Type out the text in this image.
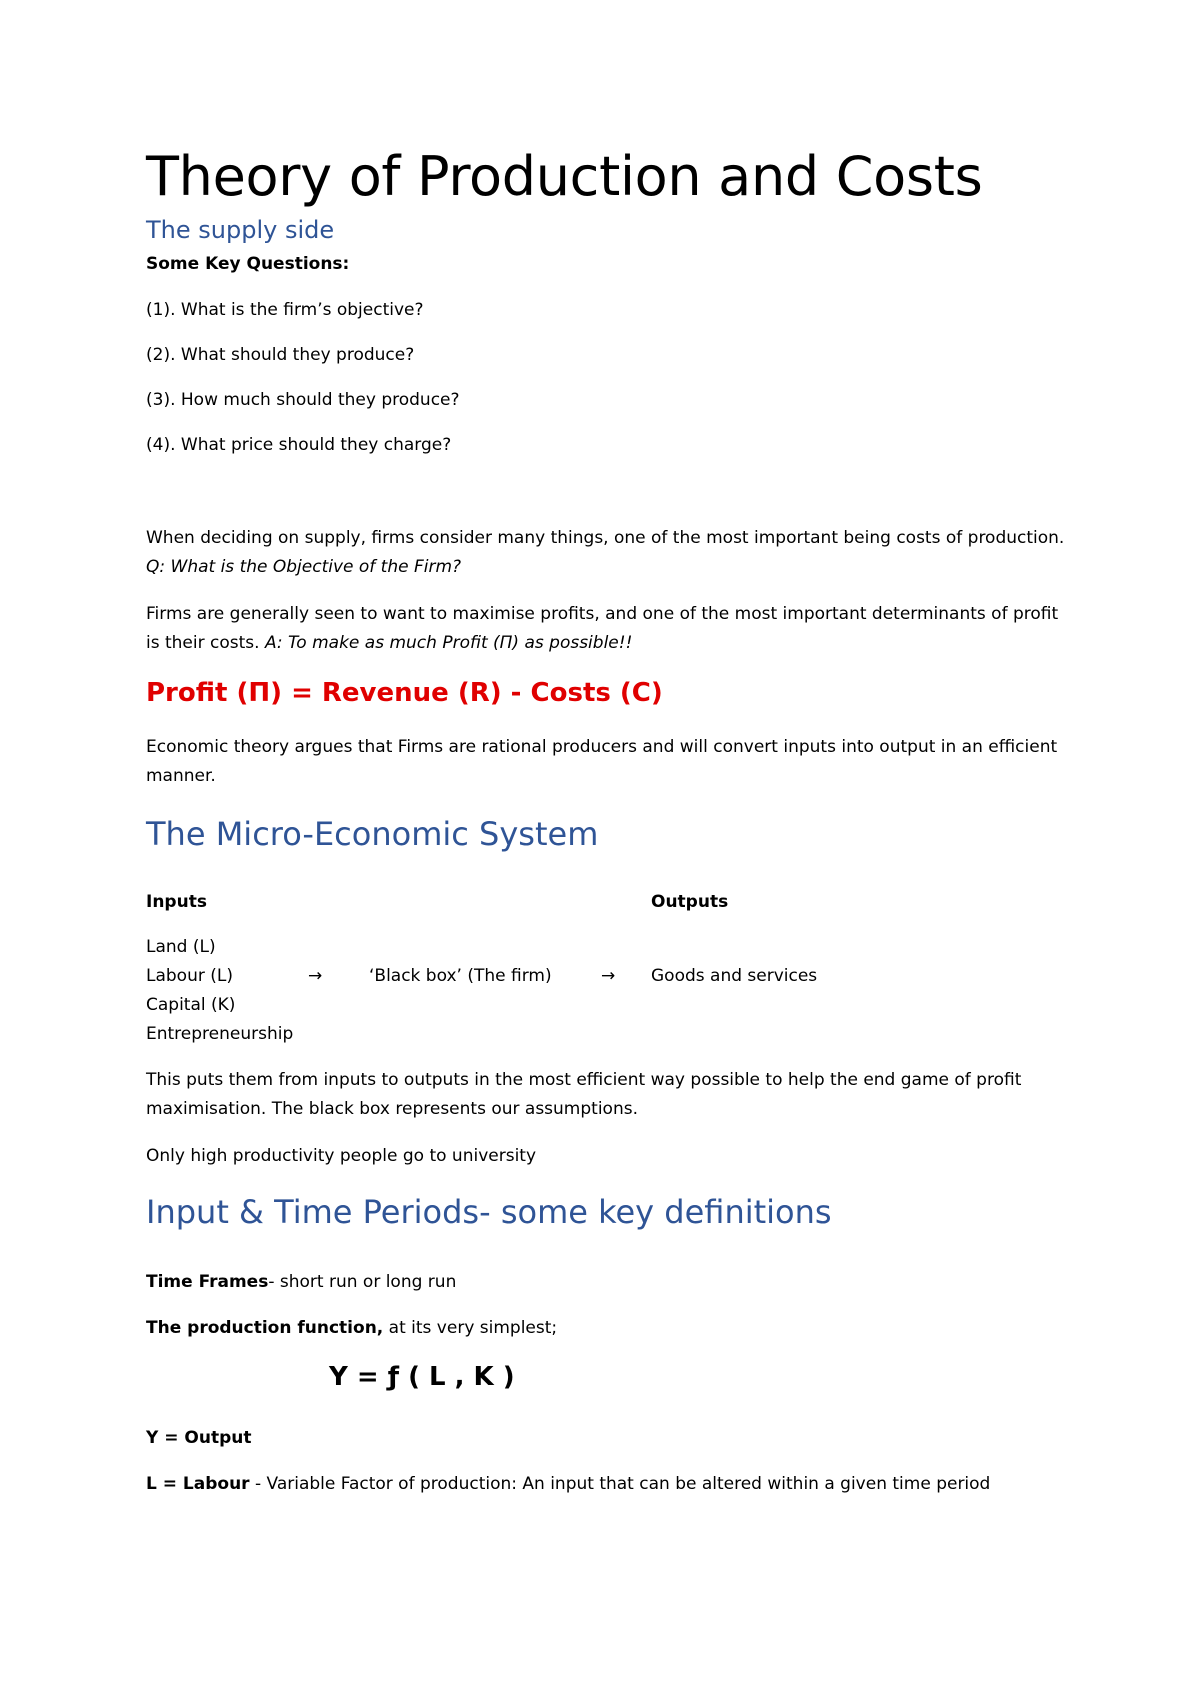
Theory of Production and Costs
The supply side
Some Key Questions:
(1). What is the firm’s objective?
(2). What should they produce?
(3). How much should they produce?
(4). What price should they charge?
When deciding on supply, firms consider many things, one of the most important being costs of production. Q: What is the Objective of the Firm?
Firms are generally seen to want to maximise profits, and one of the most important determinants of profit is their costs. A: To make as much Profit (Π) as possible!!
Profit (Π) = Revenue (R) - Costs (C)
Economic theory argues that Firms are rational producers and will convert inputs into output in an efficient manner.
The Micro-Economic System
Inputs	Outputs
Land (L)
Labour (L)
Capital (K)
Entrepreneurship
→	‘Black box’ (The firm)	→ Goods and services
This puts them from inputs to outputs in the most efficient way possible to help the end game of profit maximisation. The black box represents our assumptions.
Only high productivity people go to university
Input & Time Periods- some key definitions
Time Frames- short run or long run
The production function, at its very simplest;
Y = ƒ ( L , K )
Y = Output
L = Labour - Variable Factor of production: An input that can be altered within a given time period
